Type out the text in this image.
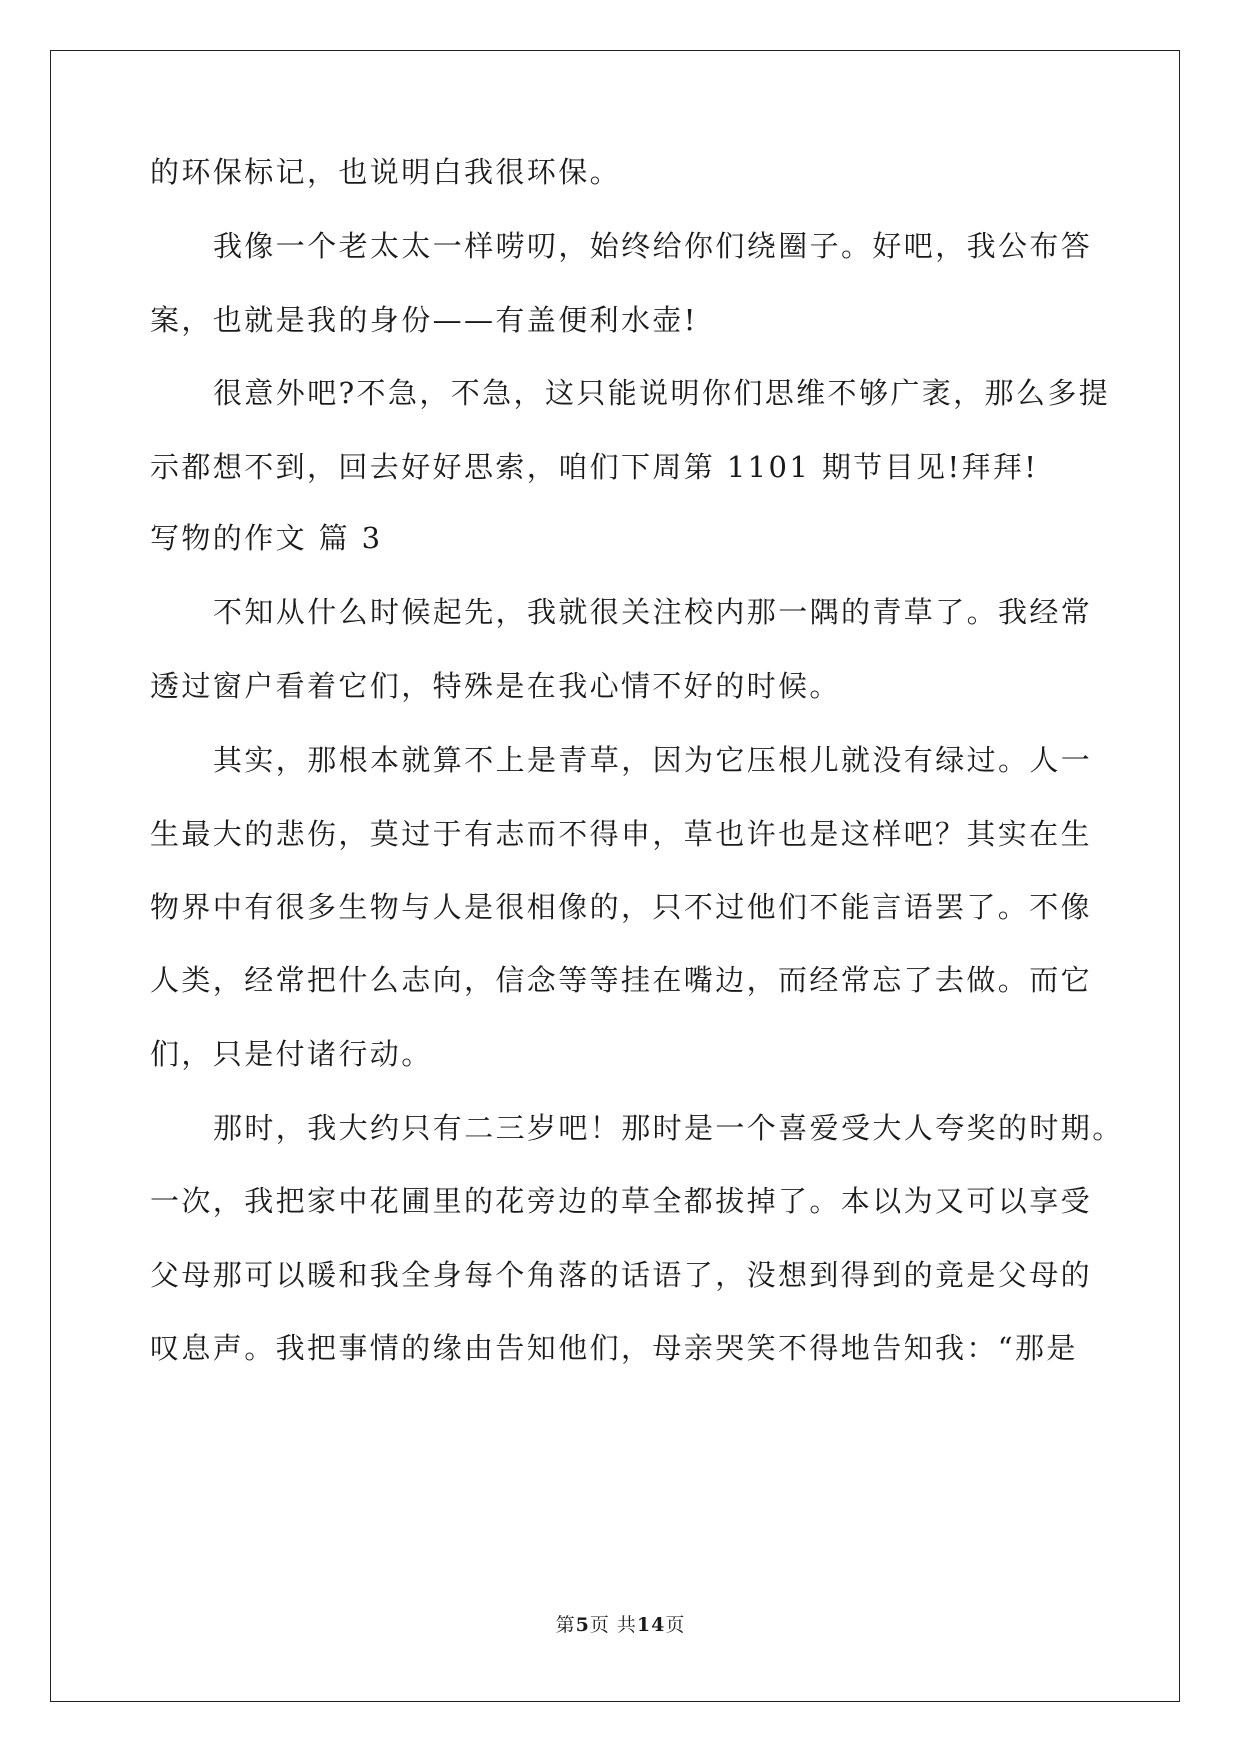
的环保标记，也说明白我很环保。
我像一个老太太一样唠叨，始终给你们绕圈子。好吧，我公布答
案，也就是我的身份——有盖便利水壶!
很意外吧?不急，不急，这只能说明你们思维不够广袤，那么多提
示都想不到，回去好好思索，咱们下周第 1101 期节目见!拜拜!
写物的作文 篇 3
不知从什么时候起先，我就很关注校内那一隅的青草了。我经常
透过窗户看着它们，特殊是在我心情不好的时候。
其实，那根本就算不上是青草，因为它压根儿就没有绿过。人一
生最大的悲伤，莫过于有志而不得申，草也许也是这样吧？其实在生
物界中有很多生物与人是很相像的，只不过他们不能言语罢了。不像
人类，经常把什么志向，信念等等挂在嘴边，而经常忘了去做。而它
们，只是付诸行动。
那时，我大约只有二三岁吧！那时是一个喜爱受大人夸奖的时期。
一次，我把家中花圃里的花旁边的草全都拔掉了。本以为又可以享受
父母那可以暖和我全身每个角落的话语了，没想到得到的竟是父母的
叹息声。我把事情的缘由告知他们，母亲哭笑不得地告知我：“那是
第5页 共14页
